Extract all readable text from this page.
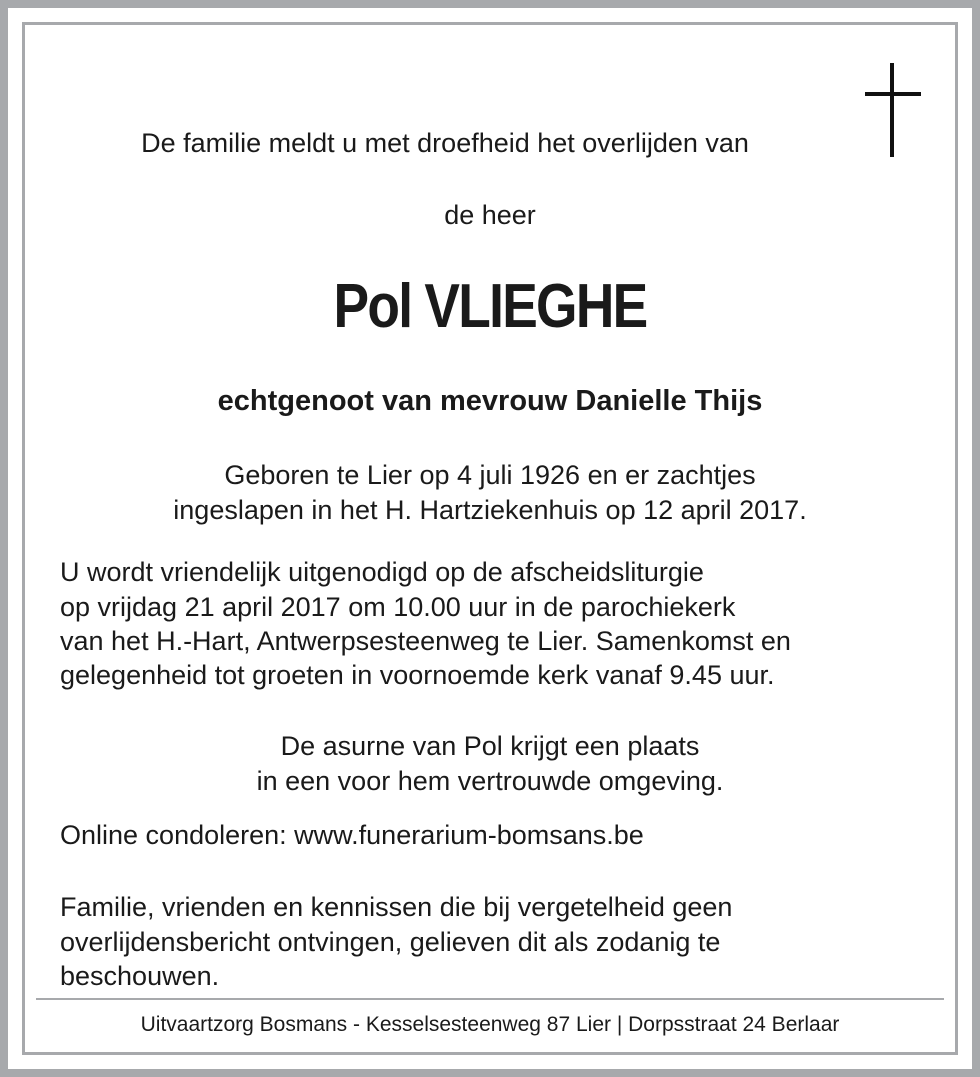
De familie meldt u met droefheid het overlijden van
de heer
Pol VLIEGHE
echtgenoot van mevrouw Danielle Thijs
Geboren te Lier op 4 juli 1926 en er zachtjes
ingeslapen in het H. Hartziekenhuis op 12 april 2017.
U wordt vriendelijk uitgenodigd op de afscheidsliturgie
op vrijdag 21 april 2017 om 10.00 uur in de parochiekerk
van het H.-Hart, Antwerpsesteenweg te Lier. Samenkomst en
gelegenheid tot groeten in voornoemde kerk vanaf 9.45 uur.
De asurne van Pol krijgt een plaats
in een voor hem vertrouwde omgeving.
Online condoleren: www.funerarium-bomsans.be
Familie, vrienden en kennissen die bij vergetelheid geen
overlijdensbericht ontvingen, gelieven dit als zodanig te
beschouwen.
Uitvaartzorg Bosmans - Kesselsesteenweg 87 Lier | Dorpsstraat 24 Berlaar
